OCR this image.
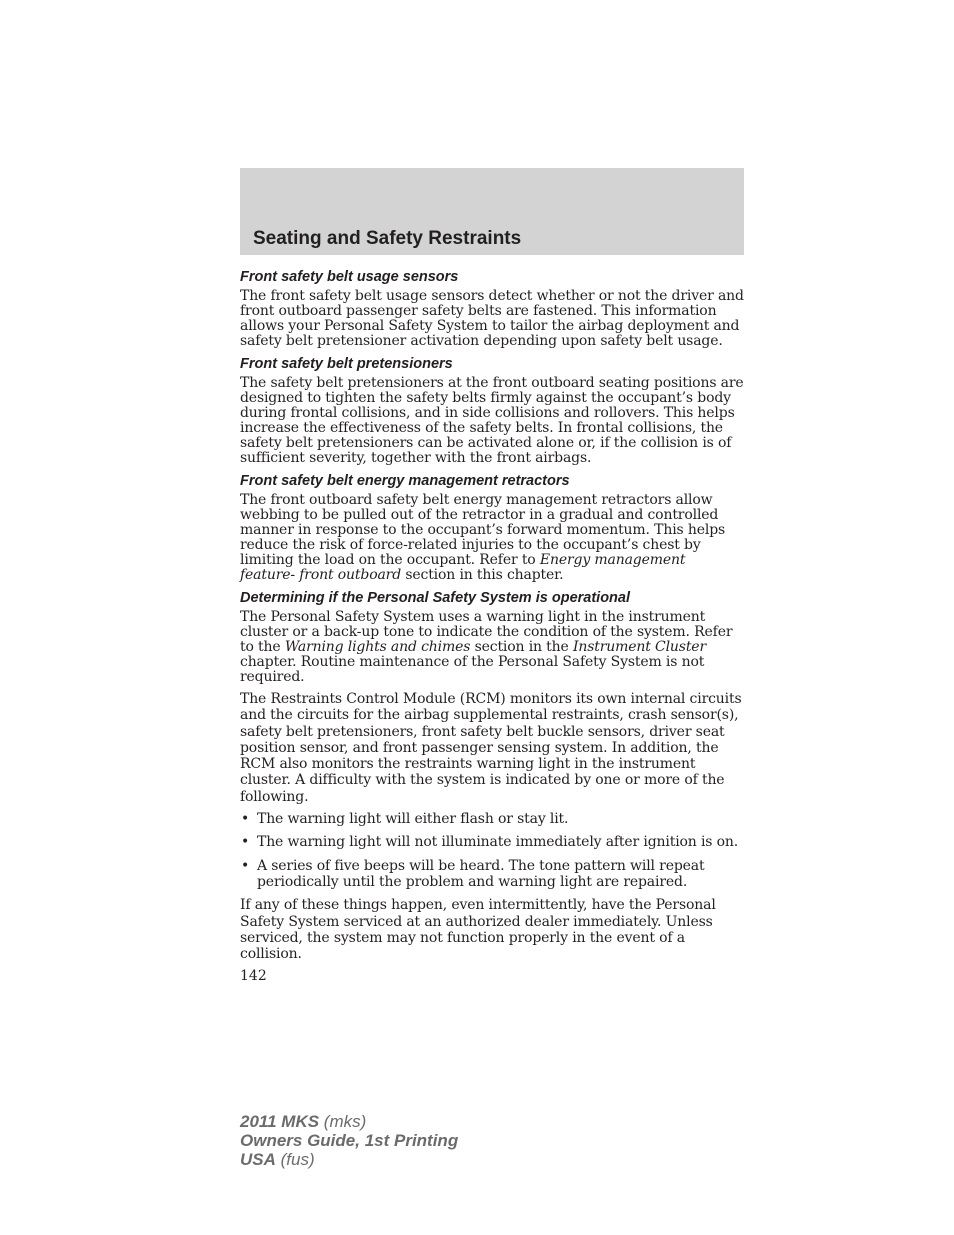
Seating and Safety Restraints
Front safety belt usage sensors

The front safety belt usage sensors detect whether or not the driver and front outboard passenger safety belts are fastened. This information allows your Personal Safety System to tailor the airbag deployment and safety belt pretensioner activation depending upon safety belt usage.

Front safety belt pretensioners

The safety belt pretensioners at the front outboard seating positions are designed to tighten the safety belts firmly against the occupant’s body during frontal collisions, and in side collisions and rollovers. This helps increase the effectiveness of the safety belts. In frontal collisions, the safety belt pretensioners can be activated alone or, if the collision is of sufficient severity, together with the front airbags.

Front safety belt energy management retractors

The front outboard safety belt energy management retractors allow webbing to be pulled out of the retractor in a gradual and controlled manner in response to the occupant’s forward momentum. This helps reduce the risk of force-related injuries to the occupant’s chest by limiting the load on the occupant. Refer to Energy management feature- front outboard section in this chapter.

Determining if the Personal Safety System is operational

The Personal Safety System uses a warning light in the instrument cluster or a back-up tone to indicate the condition of the system. Refer to the Warning lights and chimes section in the Instrument Cluster chapter. Routine maintenance of the Personal Safety System is not required.

The Restraints Control Module (RCM) monitors its own internal circuits and the circuits for the airbag supplemental restraints, crash sensor(s), safety belt pretensioners, front safety belt buckle sensors, driver seat position sensor, and front passenger sensing system. In addition, the RCM also monitors the restraints warning light in the instrument cluster. A difficulty with the system is indicated by one or more of the following.

• The warning light will either flash or stay lit.
• The warning light will not illuminate immediately after ignition is on.
• A series of five beeps will be heard. The tone pattern will repeat periodically until the problem and warning light are repaired.

If any of these things happen, even intermittently, have the Personal Safety System serviced at an authorized dealer immediately. Unless serviced, the system may not function properly in the event of a collision.

142
2011 MKS (mks)
Owners Guide, 1st Printing
USA (fus)
